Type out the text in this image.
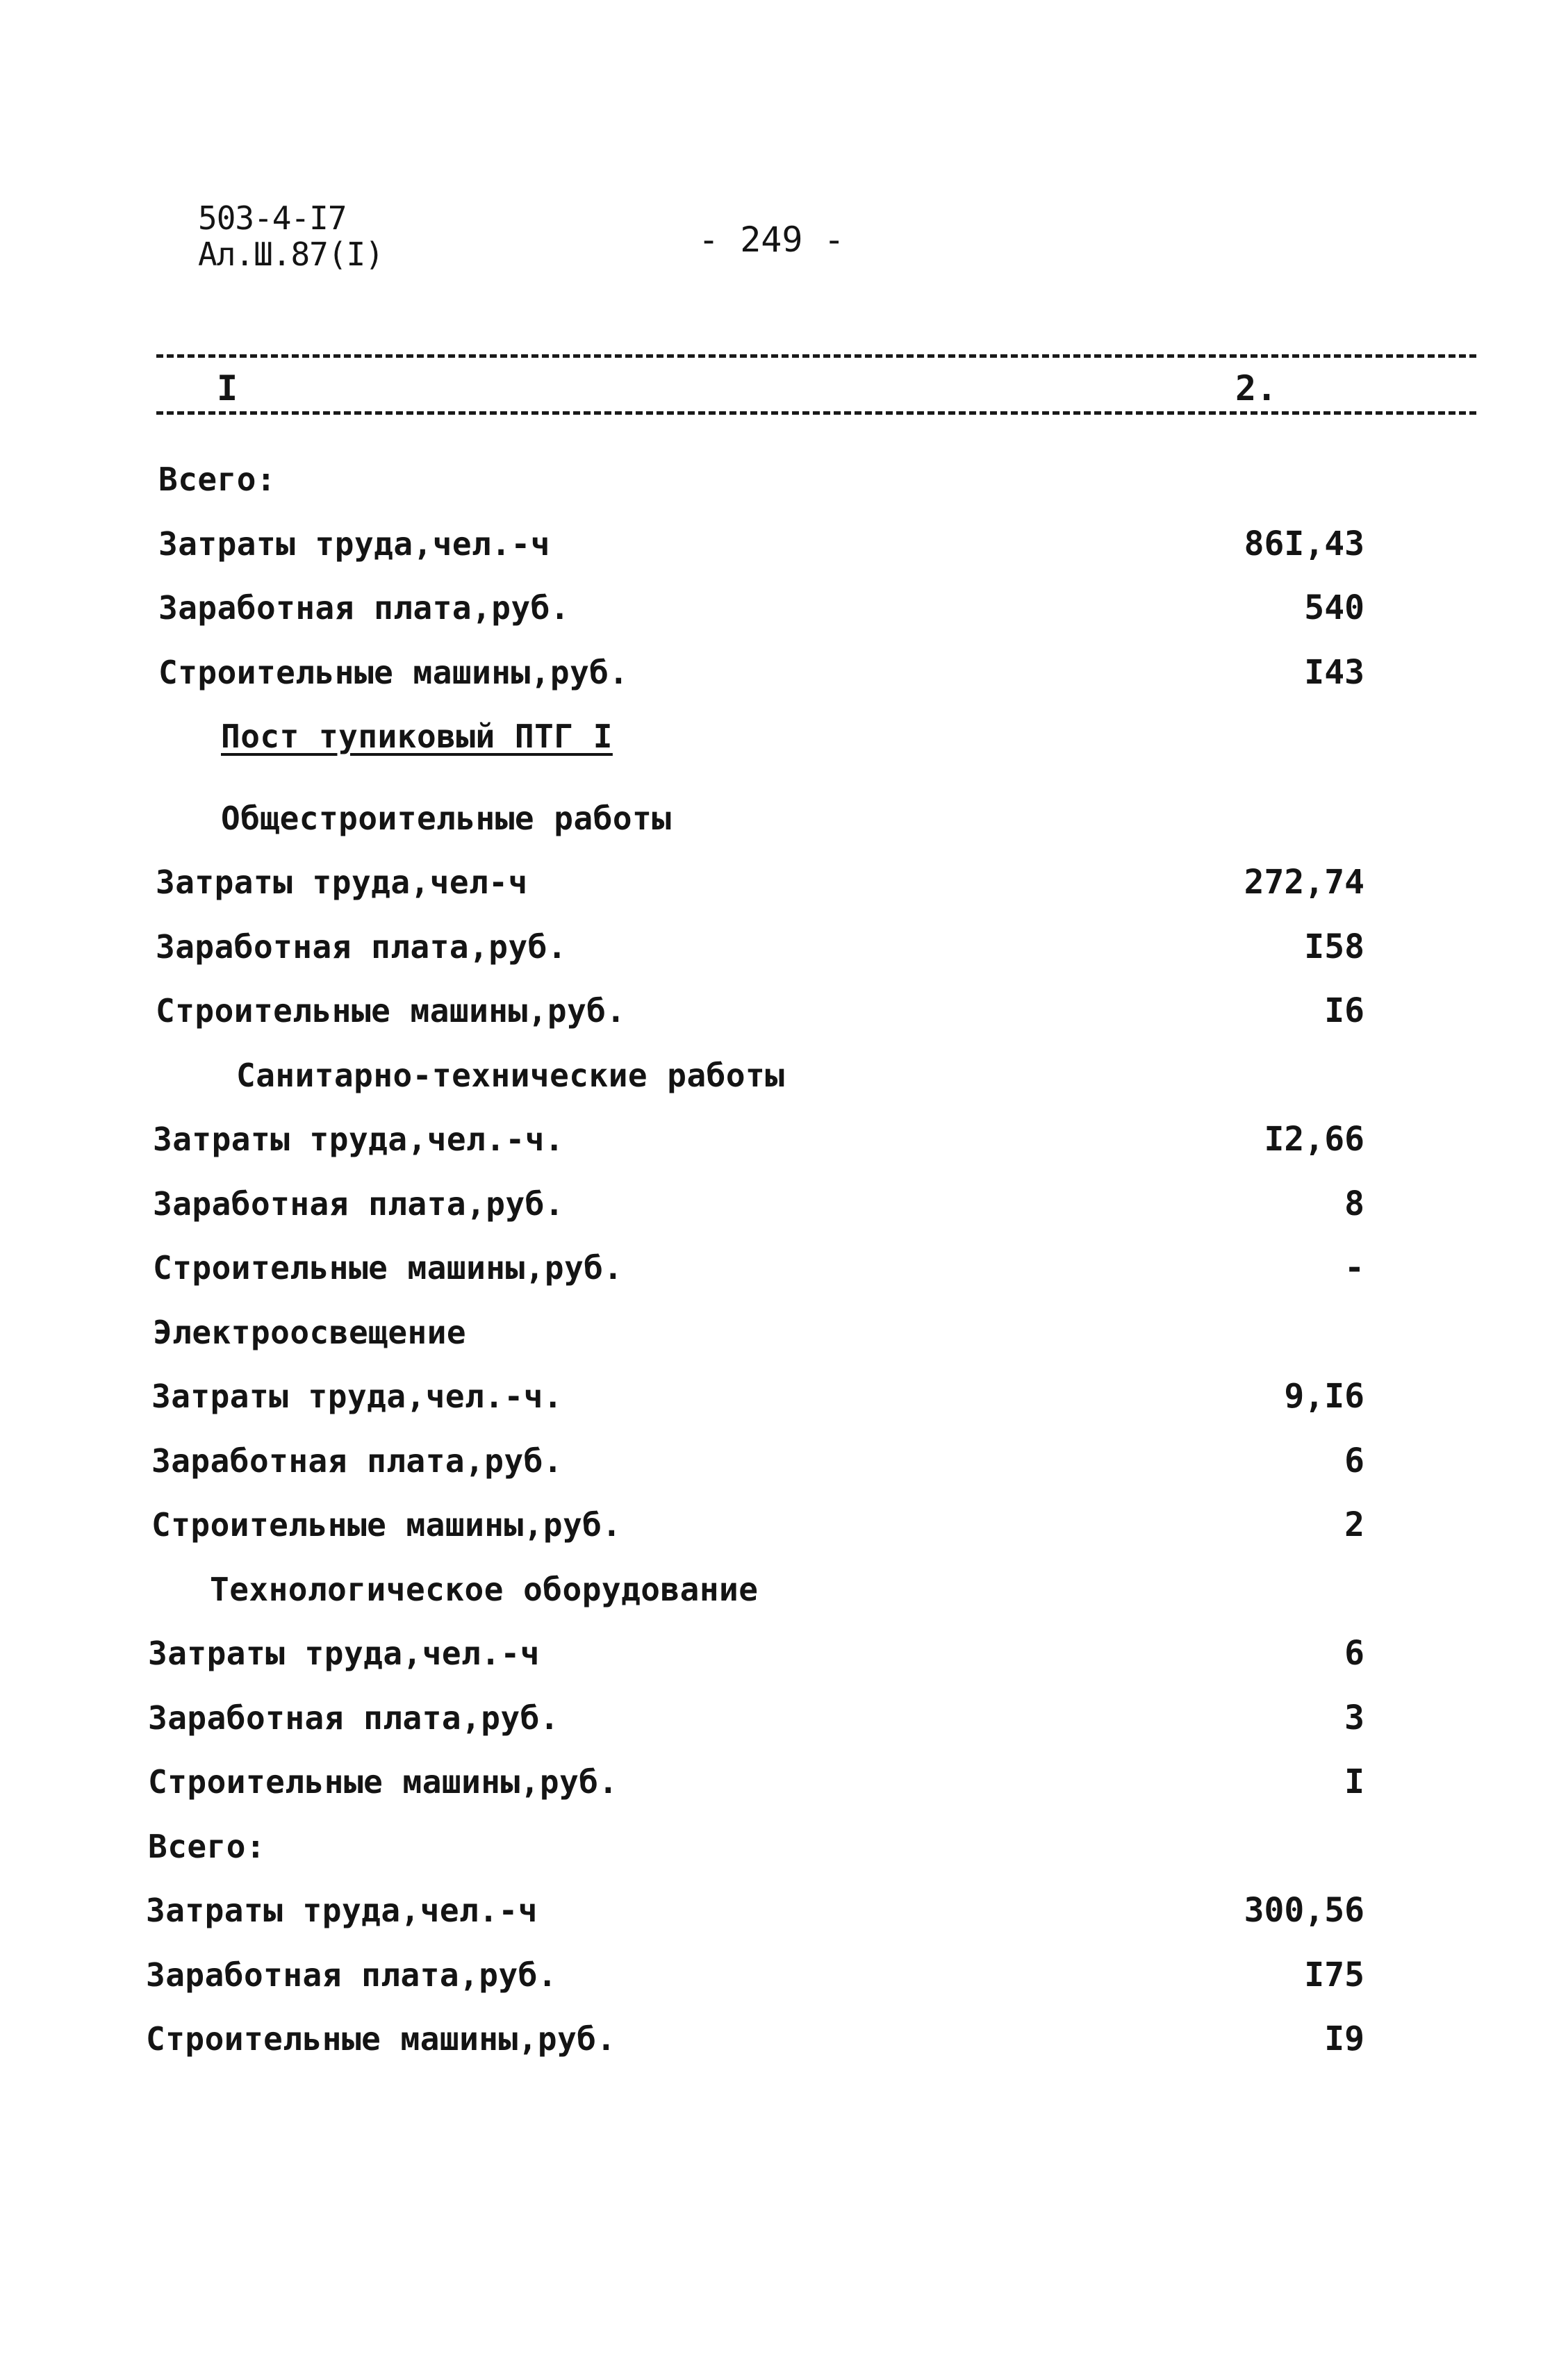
503-4-I7
Ал.Ш.87(I)	- 249 -
I	2.
Всего:
Затраты труда,чел.-ч	86I,43
Заработная плата,руб.	540
Строительные машины,руб.	I43
Пост тупиковый ПТГ I
Общестроительные работы
Затраты труда,чел-ч	272,74
Заработная плата,руб.	I58
Строительные машины,руб.	I6
Санитарно-технические работы
Затраты труда,чел.-ч.	I2,66
Заработная плата,руб.	8
Строительные машины,руб.	-
Электроосвещение
Затраты труда,чел.-ч.	9,I6
Заработная плата,руб.	6
Строительные машины,руб.	2
Технологическое оборудование
Затраты труда,чел.-ч	6
Заработная плата,руб.	3
Строительные машины,руб.	I
Всего:
Затраты труда,чел.-ч	300,56
Заработная плата,руб.	I75
Строительные машины,руб.	I9
